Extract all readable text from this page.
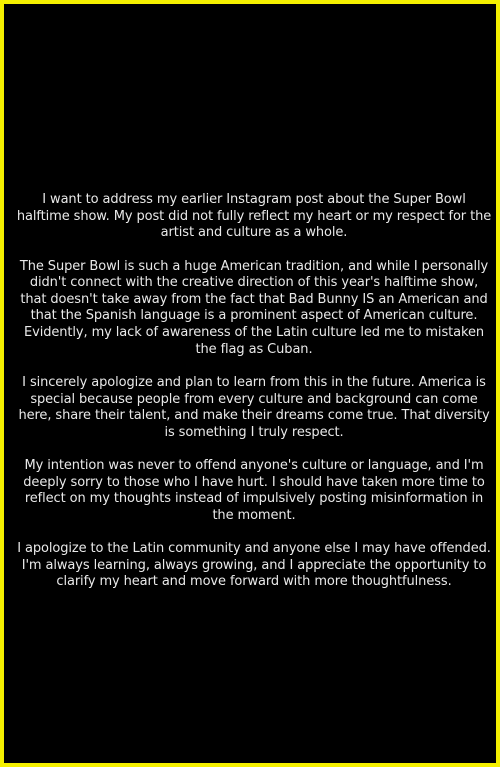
I want to address my earlier Instagram post about the Super Bowl halftime show. My post did not fully reflect my heart or my respect for the artist and culture as a whole.

The Super Bowl is such a huge American tradition, and while I personally didn't connect with the creative direction of this year's halftime show, that doesn't take away from the fact that Bad Bunny IS an American and that the Spanish language is a prominent aspect of American culture. Evidently, my lack of awareness of the Latin culture led me to mistaken the flag as Cuban.

I sincerely apologize and plan to learn from this in the future. America is special because people from every culture and background can come here, share their talent, and make their dreams come true. That diversity is something I truly respect.

My intention was never to offend anyone's culture or language, and I'm deeply sorry to those who I have hurt. I should have taken more time to reflect on my thoughts instead of impulsively posting misinformation in the moment.

I apologize to the Latin community and anyone else I may have offended. I'm always learning, always growing, and I appreciate the opportunity to clarify my heart and move forward with more thoughtfulness.
